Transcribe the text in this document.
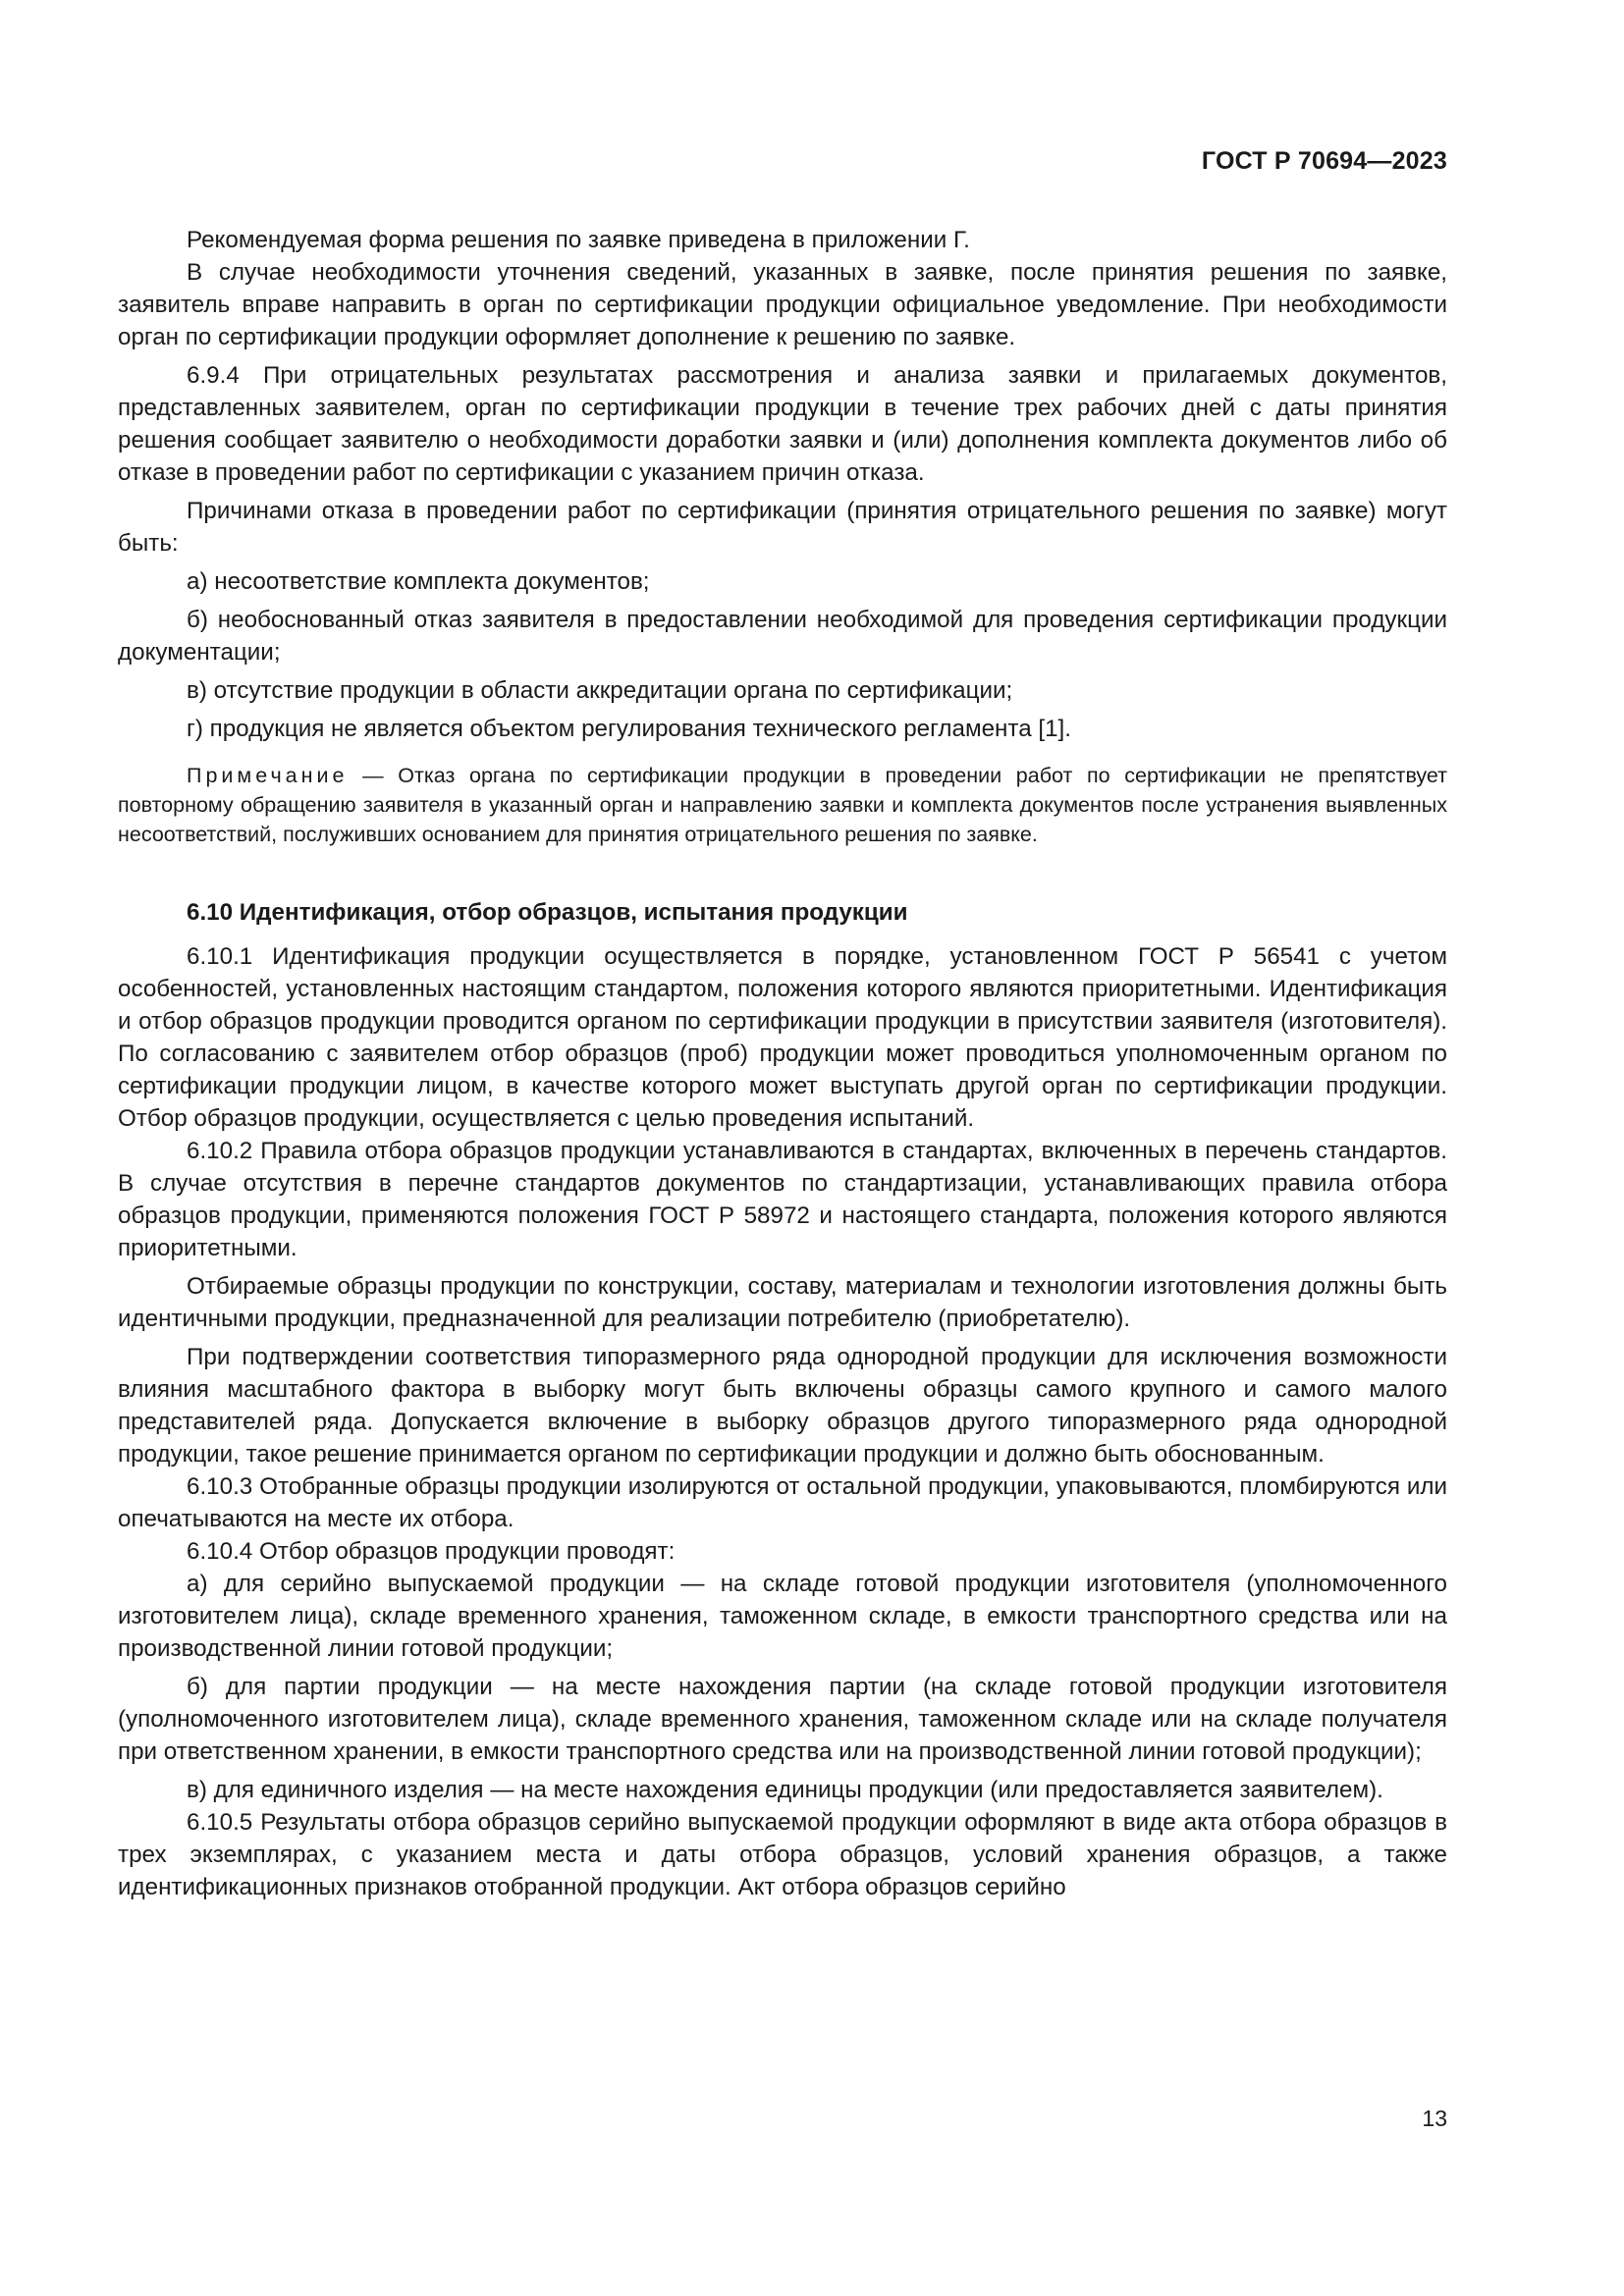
ГОСТ Р 70694—2023

Рекомендуемая форма решения по заявке приведена в приложении Г.

В случае необходимости уточнения сведений, указанных в заявке, после принятия решения по заявке, заявитель вправе направить в орган по сертификации продукции официальное уведомление. При необходимости орган по сертификации продукции оформляет дополнение к решению по заявке.

6.9.4 При отрицательных результатах рассмотрения и анализа заявки и прилагаемых документов, представленных заявителем, орган по сертификации продукции в течение трех рабочих дней с даты принятия решения сообщает заявителю о необходимости доработки заявки и (или) дополнения комплекта документов либо об отказе в проведении работ по сертификации с указанием причин отказа.

Причинами отказа в проведении работ по сертификации (принятия отрицательного решения по заявке) могут быть:

а) несоответствие комплекта документов;

б) необоснованный отказ заявителя в предоставлении необходимой для проведения сертификации продукции документации;

в) отсутствие продукции в области аккредитации органа по сертификации;

г) продукция не является объектом регулирования технического регламента [1].

Примечание — Отказ органа по сертификации продукции в проведении работ по сертификации не препятствует повторному обращению заявителя в указанный орган и направлению заявки и комплекта документов после устранения выявленных несоответствий, послуживших основанием для принятия отрицательного решения по заявке.
6.10 Идентификация, отбор образцов, испытания продукции

6.10.1 Идентификация продукции осуществляется в порядке, установленном ГОСТ Р 56541 с учетом особенностей, установленных настоящим стандартом, положения которого являются приоритетными. Идентификация и отбор образцов продукции проводится органом по сертификации продукции в присутствии заявителя (изготовителя). По согласованию с заявителем отбор образцов (проб) продукции может проводиться уполномоченным органом по сертификации продукции лицом, в качестве которого может выступать другой орган по сертификации продукции. Отбор образцов продукции, осуществляется с целью проведения испытаний.

6.10.2 Правила отбора образцов продукции устанавливаются в стандартах, включенных в перечень стандартов. В случае отсутствия в перечне стандартов документов по стандартизации, устанавливающих правила отбора образцов продукции, применяются положения ГОСТ Р 58972 и настоящего стандарта, положения которого являются приоритетными.

Отбираемые образцы продукции по конструкции, составу, материалам и технологии изготовления должны быть идентичными продукции, предназначенной для реализации потребителю (приобретателю).

При подтверждении соответствия типоразмерного ряда однородной продукции для исключения возможности влияния масштабного фактора в выборку могут быть включены образцы самого крупного и самого малого представителей ряда. Допускается включение в выборку образцов другого типоразмерного ряда однородной продукции, такое решение принимается органом по сертификации продукции и должно быть обоснованным.

6.10.3 Отобранные образцы продукции изолируются от остальной продукции, упаковываются, пломбируются или опечатываются на месте их отбора.

6.10.4 Отбор образцов продукции проводят:

а) для серийно выпускаемой продукции — на складе готовой продукции изготовителя (уполномоченного изготовителем лица), складе временного хранения, таможенном складе, в емкости транспортного средства или на производственной линии готовой продукции;

б) для партии продукции — на месте нахождения партии (на складе готовой продукции изготовителя (уполномоченного изготовителем лица), складе временного хранения, таможенном складе или на складе получателя при ответственном хранении, в емкости транспортного средства или на производственной линии готовой продукции);

в) для единичного изделия — на месте нахождения единицы продукции (или предоставляется заявителем).

6.10.5 Результаты отбора образцов серийно выпускаемой продукции оформляют в виде акта отбора образцов в трех экземплярах, с указанием места и даты отбора образцов, условий хранения образцов, а также идентификационных признаков отобранной продукции. Акт отбора образцов серийно

13
